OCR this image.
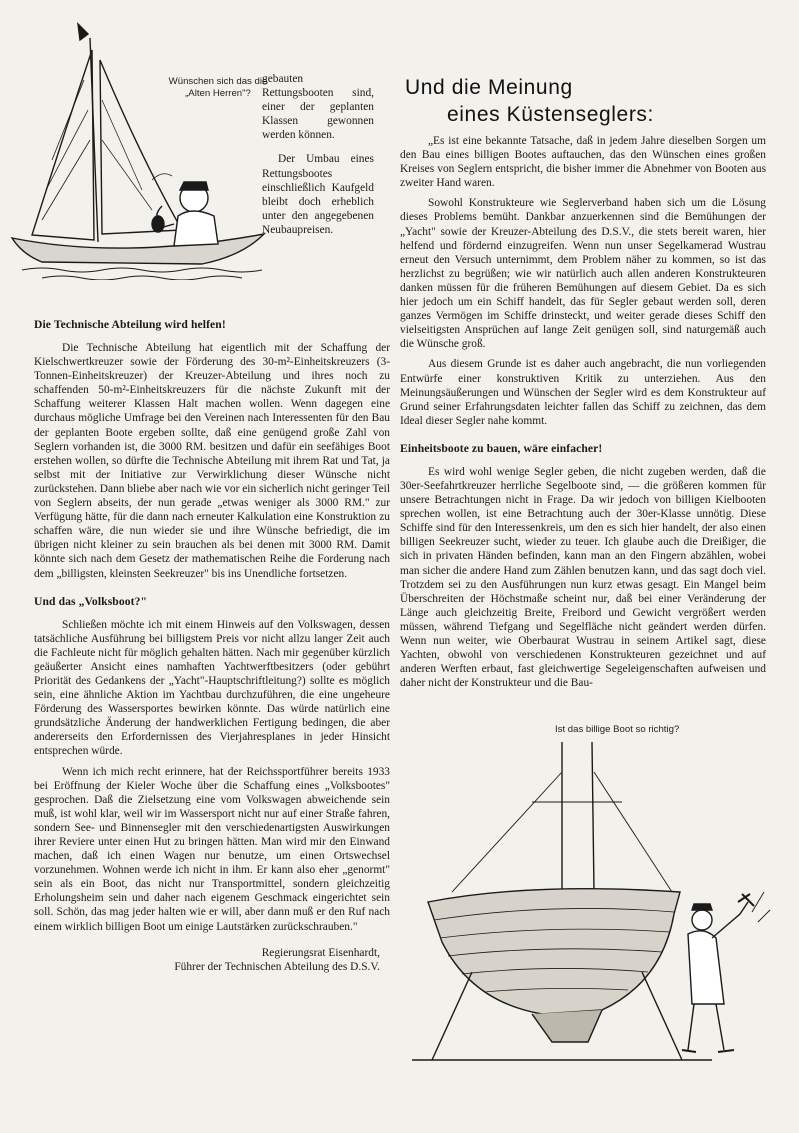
Wünschen sich das die „Alten Herren"?

gebauten Rettungsbooten sind, einer der geplanten Klassen gewonnen werden können.

Der Umbau eines Rettungsbootes einschließlich Kaufgeld bleibt doch erheblich unter den angegebenen Neubaupreisen.

Und die Meinung
eines Küstenseglers:
Die Technische Abteilung wird helfen!

Die Technische Abteilung hat eigentlich mit der Schaffung der Kielschwertkreuzer sowie der Förderung des 30-m²-Einheitskreuzers (3-Tonnen-Einheitskreuzer) der Kreuzer-Abteilung und ihres noch zu schaffenden 50-m²-Einheitskreuzers für die nächste Zukunft mit der Schaffung weiterer Klassen Halt machen wollen. Wenn dagegen eine durchaus mögliche Umfrage bei den Vereinen nach Interessenten für den Bau der geplanten Boote ergeben sollte, daß eine genügend große Zahl von Seglern vorhanden ist, die 3000 RM. besitzen und dafür ein seefähiges Boot erstehen wollen, so dürfte die Technische Abteilung mit ihrem Rat und Tat, ja selbst mit der Initiative zur Verwirklichung dieser Wünsche nicht zurückstehen. Dann bliebe aber nach wie vor ein sicherlich nicht geringer Teil von Seglern abseits, der nun gerade „etwas weniger als 3000 RM." zur Verfügung hätte, für die dann nach erneuter Kalkulation eine Konstruktion zu schaffen wäre, die nun wieder sie und ihre Wünsche befriedigt, die im übrigen nicht kleiner zu sein brauchen als bei denen mit 3000 RM. Damit könnte sich nach dem Gesetz der mathematischen Reihe die Forderung nach dem „billigsten, kleinsten Seekreuzer" bis ins Unendliche fortsetzen.

Und das „Volksboot?"

Schließen möchte ich mit einem Hinweis auf den Volkswagen, dessen tatsächliche Ausführung bei billigstem Preis vor nicht allzu langer Zeit auch die Fachleute nicht für möglich gehalten hätten. Nach mir gegenüber kürzlich geäußerter Ansicht eines namhaften Yachtwerftbesitzers (oder gebührt Priorität des Gedankens der „Yacht"-Hauptschriftleitung?) sollte es möglich sein, eine ähnliche Aktion im Yachtbau durchzuführen, die eine ungeheure Förderung des Wassersportes bewirken könnte. Das würde natürlich eine grundsätzliche Änderung der handwerklichen Fertigung bedingen, die aber andererseits den Erfordernissen des Vierjahresplanes in jeder Hinsicht entsprechen würde.

Wenn ich mich recht erinnere, hat der Reichssportführer bereits 1933 bei Eröffnung der Kieler Woche über die Schaffung eines „Volksbootes" gesprochen. Daß die Zielsetzung eine vom Volkswagen abweichende sein muß, ist wohl klar, weil wir im Wassersport nicht nur auf einer Straße fahren, sondern See- und Binnensegler mit den verschiedenartigsten Auswirkungen ihrer Reviere unter einen Hut zu bringen hätten. Man wird mir den Einwand machen, daß ich einen Wagen nur benutze, um einen Ortswechsel vorzunehmen. Wohnen werde ich nicht in ihm. Er kann also eher „genormt" sein als ein Boot, das nicht nur Transportmittel, sondern gleichzeitig Erholungsheim sein und daher nach eigenem Geschmack eingerichtet sein soll. Schön, das mag jeder halten wie er will, aber dann muß er den Ruf nach einem wirklich billigen Boot um einige Lautstärken zurückschrauben."

Regierungsrat Eisenhardt,
Führer der Technischen Abteilung des D.S.V.

„Es ist eine bekannte Tatsache, daß in jedem Jahre dieselben Sorgen um den Bau eines billigen Bootes auftauchen, das den Wünschen eines großen Kreises von Seglern entspricht, die bisher immer die Abnehmer von Booten aus zweiter Hand waren.

Sowohl Konstrukteure wie Seglerverband haben sich um die Lösung dieses Problems bemüht. Dankbar anzuerkennen sind die Bemühungen der „Yacht" sowie der Kreuzer-Abteilung des D.S.V., die stets bereit waren, hier helfend und fördernd einzugreifen. Wenn nun unser Segelkamerad Wustrau erneut den Versuch unternimmt, dem Problem näher zu kommen, so ist das herzlichst zu begrüßen; wie wir natürlich auch allen anderen Konstrukteuren danken müssen für die früheren Bemühungen auf diesem Gebiet. Da es sich hier jedoch um ein Schiff handelt, das für Segler gebaut werden soll, deren ganzes Vermögen im Schiffe drinsteckt, und weiter gerade dieses Schiff den vielseitigsten Ansprüchen auf lange Zeit genügen soll, sind naturgemäß auch die Wünsche groß.

Aus diesem Grunde ist es daher auch angebracht, die nun vorliegenden Entwürfe einer konstruktiven Kritik zu unterziehen. Aus den Meinungsäußerungen und Wünschen der Segler wird es dem Konstrukteur auf Grund seiner Erfahrungsdaten leichter fallen das Schiff zu zeichnen, das dem Ideal dieser Segler nahe kommt.

Einheitsboote zu bauen, wäre einfacher!

Es wird wohl wenige Segler geben, die nicht zugeben werden, daß die 30er-Seefahrtkreuzer herrliche Segelboote sind, — die größeren kommen für unsere Betrachtungen nicht in Frage. Da wir jedoch von billigen Kielbooten sprechen wollen, ist eine Betrachtung auch der 30er-Klasse unnötig. Diese Schiffe sind für den Interessenkreis, um den es sich hier handelt, der also einen billigen Seekreuzer sucht, wieder zu teuer. Ich glaube auch die Dreißiger, die sich in privaten Händen befinden, kann man an den Fingern abzählen, wobei man sicher die andere Hand zum Zählen benutzen kann, und das sagt doch viel. Trotzdem sei zu den Ausführungen nun kurz etwas gesagt. Ein Mangel beim Überschreiten der Höchstmaße scheint nur, daß bei einer Veränderung der Länge auch gleichzeitig Breite, Freibord und Gewicht vergrößert werden müssen, während Tiefgang und Segelfläche nicht geändert werden dürfen. Wenn nun weiter, wie Oberbaurat Wustrau in seinem Artikel sagt, diese Yachten, obwohl von verschiedenen Konstrukteuren gezeichnet und auf anderen Werften erbaut, fast gleichwertige Segeleigenschaften aufweisen und daher nicht der Konstrukteur und die Bau-

Ist das billige Boot so richtig?
